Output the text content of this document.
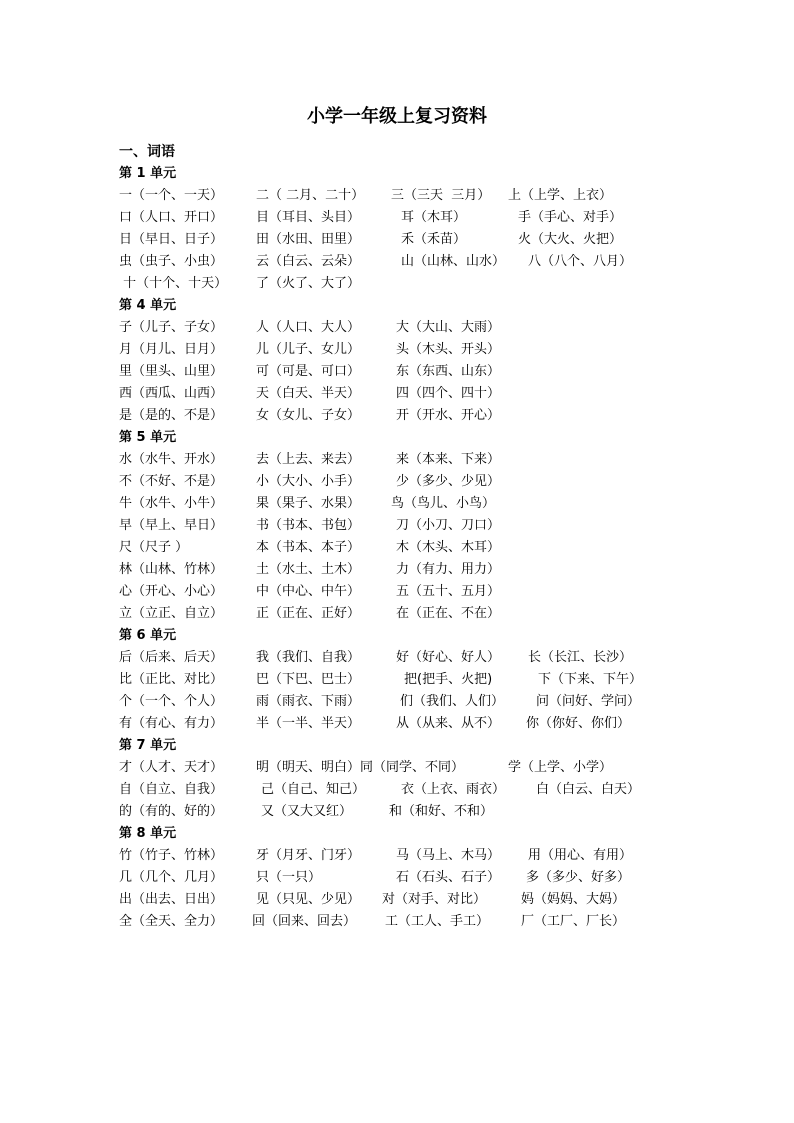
小学一年级上复习资料
一、词语
第 1 单元
一（一个、一天）	二（ 二月、二十） 三（三天  三月） 上（上学、上衣）
口（人口、开口）	目（耳目、头目）	耳（木耳）	手（手心、对手）
日（早日、日子）	田（水田、田里）	禾（禾苗）	火（大火、火把）
虫（虫子、小虫）	云（白云、云朵）	山（山林、山水） 八（八个、八月）
十（十个、十天） 了（火了、大了）
第 4 单元
子（儿子、子女）	人（人口、大人）	大（大山、大雨）
月（月儿、日月）	儿（儿子、女儿）	头（木头、开头）
里（里头、山里）	可（可是、可口）	东（东西、山东）
西（西瓜、山西）	天（白天、半天）	四（四个、四十）
是（是的、不是）	女（女儿、子女）	开（开水、开心）
第 5 单元
水（水牛、开水）	去（上去、来去）	来（本来、下来）
不（不好、不是）	小（大小、小手）	少（多少、少见）
牛（水牛、小牛）	果（果子、水果） 鸟（鸟儿、小鸟）
早（早上、早日）	书（书本、书包）	刀（小刀、刀口）
尺（尺子 ）	本（书本、本子）	木（木头、木耳）
林（山林、竹林）	土（水土、土木）	力（有力、用力）
心（开心、小心）	中（中心、中午）	五（五十、五月）
立（立正、自立）	正（正在、正好）	在（正在、不在）
第 6 单元
后（后来、后天）	我（我们、自我）	好（好心、好人） 长（长江、长沙）
比（正比、对比）	巴（下巴、巴士）	把(把手、火把)	下（下来、下午）
个（一个、个人）	雨（雨衣、下雨）	们（我们、人们） 问（问好、学问）
有（有心、有力）	半（一半、半天）	从（从来、从不） 你（你好、你们）
第 7 单元
才（人才、天才）	明（明天、明白）同（同学、不同）	学（上学、小学）
自（自立、自我）	己（自己、知己）	衣（上衣、雨衣） 白（白云、白天）
的（有的、好的）	又（又大又红）	和（和好、不和）
第 8 单元
竹（竹子、竹林）	牙（月牙、门牙）	马（马上、木马） 用（用心、有用）
几（几个、几月）	只（一只）	石（石头、石子） 多（多少、好多）
出（出去、日出）	见（只见、少见） 对（对手、对比）	妈（妈妈、大妈）
全（全天、全力） 回（回来、回去） 工（工人、手工） 厂（工厂、厂长）
